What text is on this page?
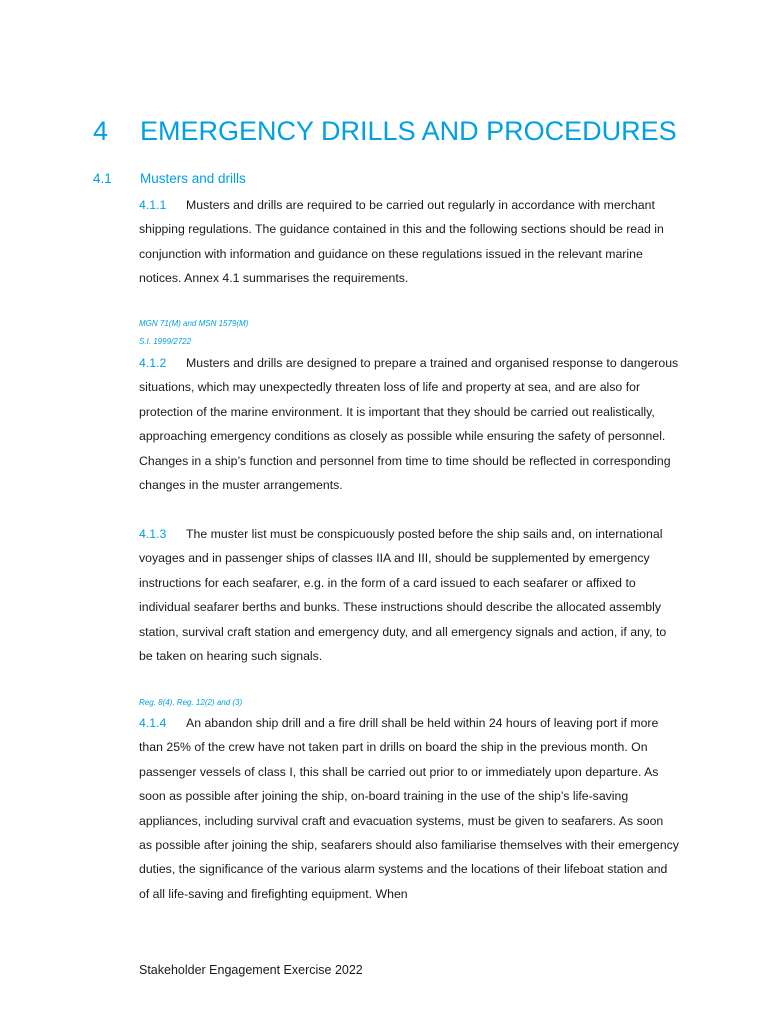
4 EMERGENCY DRILLS AND PROCEDURES
4.1 Musters and drills

4.1.1 Musters and drills are required to be carried out regularly in accordance with merchant shipping regulations. The guidance contained in this and the following sections should be read in conjunction with information and guidance on these regulations issued in the relevant marine notices. Annex 4.1 summarises the requirements.

MGN 71(M) and MSN 1579(M)
S.I. 1999/2722

4.1.2 Musters and drills are designed to prepare a trained and organised response to dangerous situations, which may unexpectedly threaten loss of life and property at sea, and are also for protection of the marine environment. It is important that they should be carried out realistically, approaching emergency conditions as closely as possible while ensuring the safety of personnel. Changes in a ship’s function and personnel from time to time should be reflected in corresponding changes in the muster arrangements.

4.1.3 The muster list must be conspicuously posted before the ship sails and, on international voyages and in passenger ships of classes IIA and III, should be supplemented by emergency instructions for each seafarer, e.g. in the form of a card issued to each seafarer or affixed to individual seafarer berths and bunks. These instructions should describe the allocated assembly station, survival craft station and emergency duty, and all emergency signals and action, if any, to be taken on hearing such signals.

Reg. 8(4), Reg. 12(2) and (3)

4.1.4 An abandon ship drill and a fire drill shall be held within 24 hours of leaving port if more than 25% of the crew have not taken part in drills on board the ship in the previous month. On passenger vessels of class I, this shall be carried out prior to or immediately upon departure. As soon as possible after joining the ship, on-board training in the use of the ship’s life-saving appliances, including survival craft and evacuation systems, must be given to seafarers. As soon as possible after joining the ship, seafarers should also familiarise themselves with their emergency duties, the significance of the various alarm systems and the locations of their lifeboat station and of all life-saving and firefighting equipment. When

Stakeholder Engagement Exercise 2022
